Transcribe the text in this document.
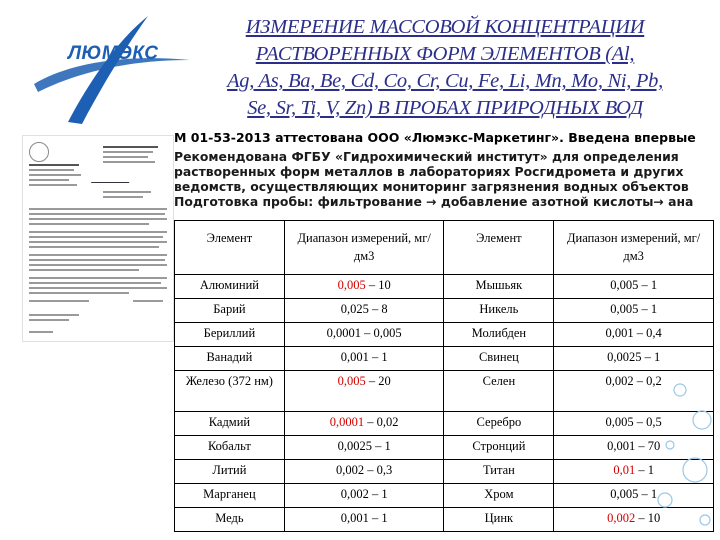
ЛЮМЭКС
ИЗМЕРЕНИЕ МАССОВОЙ КОНЦЕНТРАЦИИ
РАСТВОРЕННЫХ ФОРМ ЭЛЕМЕНТОВ (Al,
Ag, As, Ba, Be, Cd, Co, Cr, Cu, Fe, Li, Mn, Mo, Ni, Pb,
Se, Sr, Ti, V, Zn) В ПРОБАХ ПРИРОДНЫХ ВОД
М 01-53-2013 аттестована ООО «Люмэкс-Маркетинг». Введена впервые
Рекомендована ФГБУ «Гидрохимический институт» для определения
растворенных форм металлов в лабораториях Росгидромета и других
ведомств, осуществляющих мониторинг загрязнения водных объектов
Подготовка пробы: фильтрование → добавление азотной кислоты→ ана
Элемент	Диапазон измерений, мг/дм3	Элемент	Диапазон измерений, мг/дм3
Алюминий	0,005 – 10	Мышьяк	0,005 – 1
Барий	0,025 – 8	Никель	0,005 – 1
Бериллий	0,0001 – 0,005	Молибден	0,001 – 0,4
Ванадий	0,001 – 1	Свинец	0,0025 – 1
Железо (372 нм)	0,005 – 20	Селен	0,002 – 0,2
Кадмий	0,0001 – 0,02	Серебро	0,005 – 0,5
Кобальт	0,0025 – 1	Стронций	0,001 – 70
Литий	0,002 – 0,3	Титан	0,01 – 1
Марганец	0,002 – 1	Хром	0,005 – 1
Медь	0,001 – 1	Цинк	0,002 – 10
